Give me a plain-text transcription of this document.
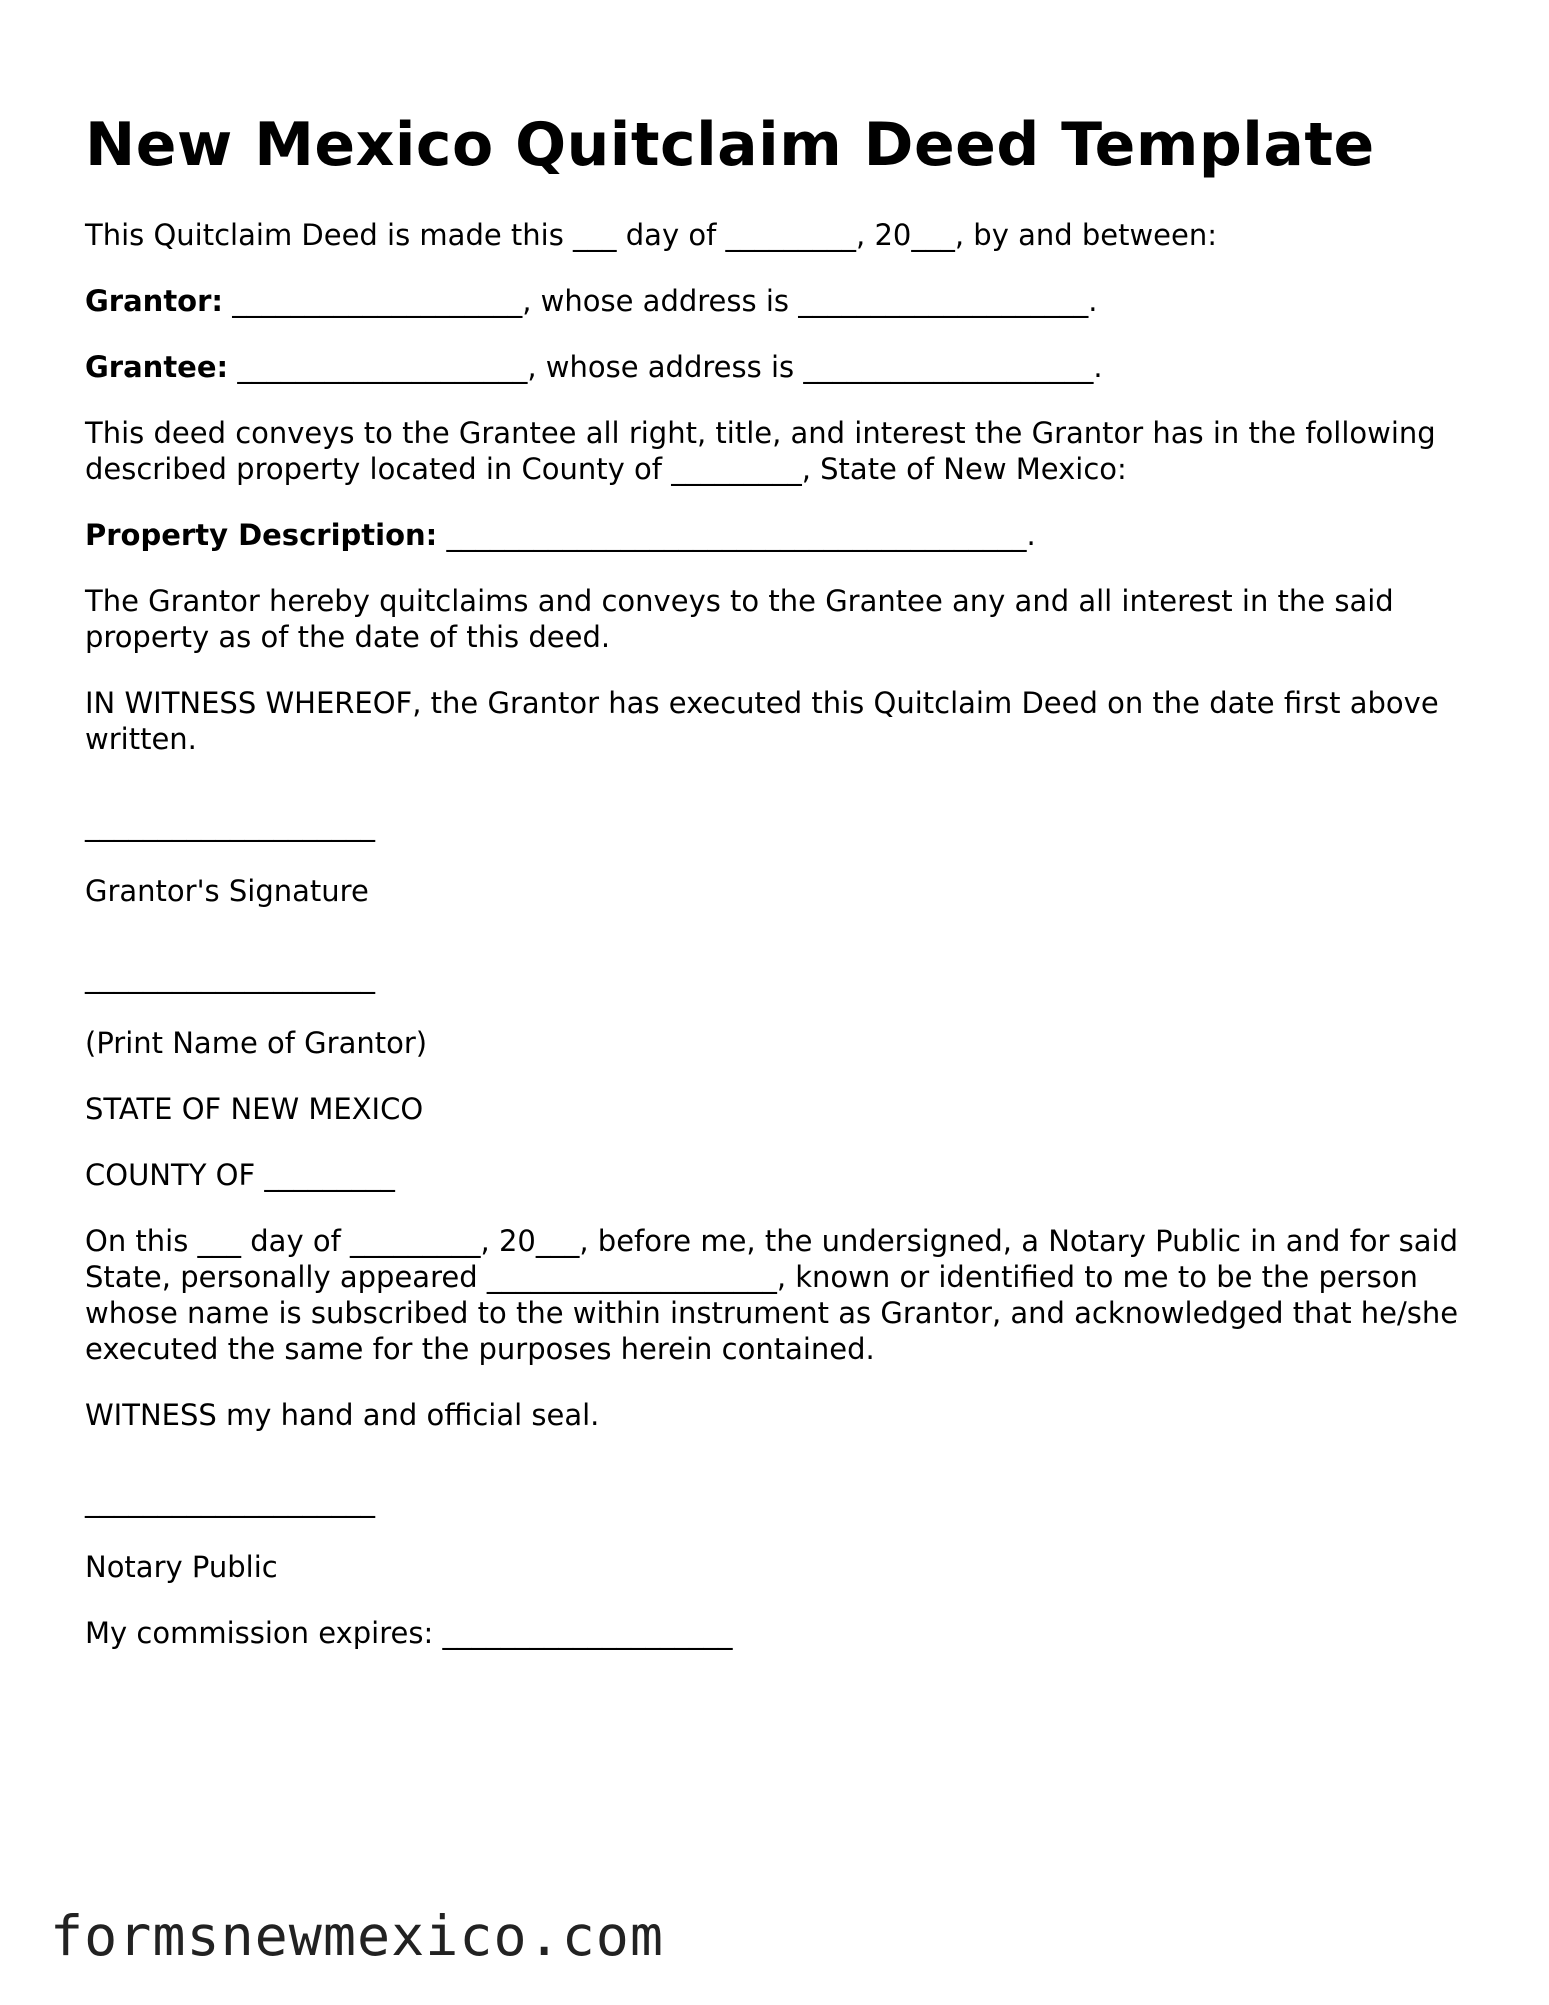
New Mexico Quitclaim Deed Template

This Quitclaim Deed is made this ___ day of _________, 20___, by and between:

Grantor: ____________________, whose address is ____________________.

Grantee: ____________________, whose address is ____________________.

This deed conveys to the Grantee all right, title, and interest the Grantor has in the following described property located in County of _________, State of New Mexico:

Property Description: ________________________________________.

The Grantor hereby quitclaims and conveys to the Grantee any and all interest in the said property as of the date of this deed.

IN WITNESS WHEREOF, the Grantor has executed this Quitclaim Deed on the date first above written.

____________________

Grantor's Signature

____________________

(Print Name of Grantor)

STATE OF NEW MEXICO

COUNTY OF _________

On this ___ day of _________, 20___, before me, the undersigned, a Notary Public in and for said State, personally appeared ____________________, known or identified to me to be the person whose name is subscribed to the within instrument as Grantor, and acknowledged that he/she executed the same for the purposes herein contained.

WITNESS my hand and official seal.

____________________

Notary Public

My commission expires: ____________________

formsnewmexico.com
